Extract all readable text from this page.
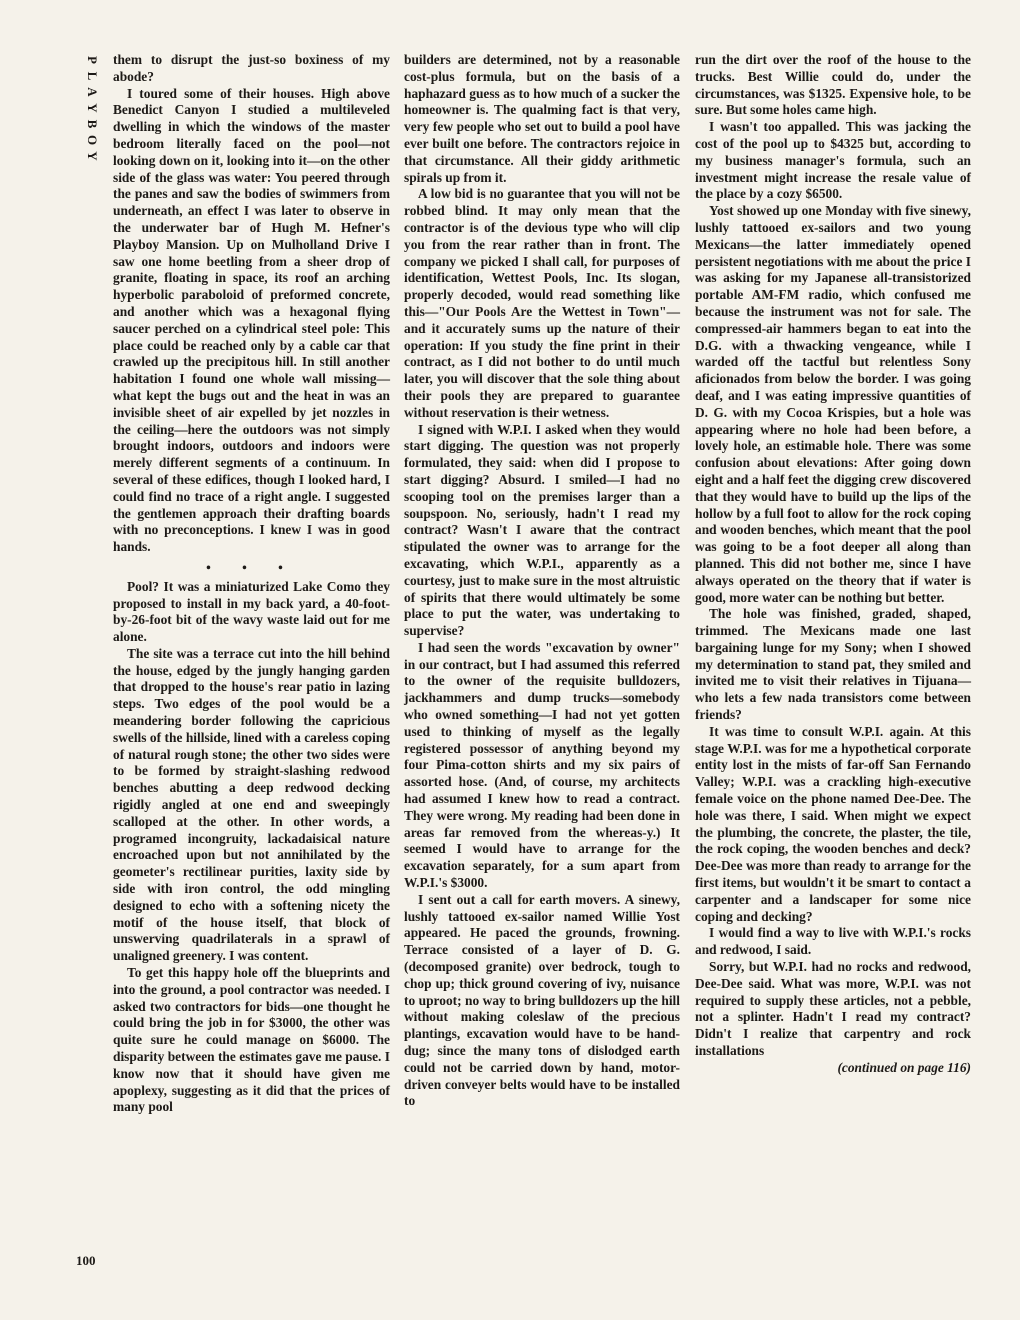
P
L
A
Y
B
O
Y

them to disrupt the just-so boxiness of my abode?

I toured some of their houses. High above Benedict Canyon I studied a multileveled dwelling in which the windows of the master bedroom literally faced on the pool—not looking down on it, looking into it—on the other side of the glass was water: You peered through the panes and saw the bodies of swimmers from underneath, an effect I was later to observe in the underwater bar of Hugh M. Hefner's Playboy Mansion. Up on Mulholland Drive I saw one home beetling from a sheer drop of granite, floating in space, its roof an arching hyperbolic paraboloid of preformed concrete, and another which was a hexagonal flying saucer perched on a cylindrical steel pole: This place could be reached only by a cable car that crawled up the precipitous hill. In still another habitation I found one whole wall missing—what kept the bugs out and the heat in was an invisible sheet of air expelled by jet nozzles in the ceiling—here the outdoors was not simply brought indoors, outdoors and indoors were merely different segments of a continuum. In several of these edifices, though I looked hard, I could find no trace of a right angle. I suggested the gentlemen approach their drafting boards with no preconceptions. I knew I was in good hands.

• • •

Pool? It was a miniaturized Lake Como they proposed to install in my back yard, a 40-foot-by-26-foot bit of the wavy waste laid out for me alone.

The site was a terrace cut into the hill behind the house, edged by the jungly hanging garden that dropped to the house's rear patio in lazing steps. Two edges of the pool would be a meandering border following the capricious swells of the hillside, lined with a careless coping of natural rough stone; the other two sides were to be formed by straight-slashing redwood benches abutting a deep redwood decking rigidly angled at one end and sweepingly scalloped at the other. In other words, a programed incongruity, lackadaisical nature encroached upon but not annihilated by the geometer's rectilinear purities, laxity side by side with iron control, the odd mingling designed to echo with a softening nicety the motif of the house itself, that block of unswerving quadrilaterals in a sprawl of unaligned greenery. I was content.

To get this happy hole off the blueprints and into the ground, a pool contractor was needed. I asked two contractors for bids—one thought he could bring the job in for $3000, the other was quite sure he could manage on $6000. The disparity between the estimates gave me pause. I know now that it should have given me apoplexy, suggesting as it did that the prices of many pool

builders are determined, not by a reasonable cost-plus formula, but on the basis of a haphazard guess as to how much of a sucker the homeowner is. The qualming fact is that very, very few people who set out to build a pool have ever built one before. The contractors rejoice in that circumstance. All their giddy arithmetic spirals up from it.

A low bid is no guarantee that you will not be robbed blind. It may only mean that the contractor is of the devious type who will clip you from the rear rather than in front. The company we picked I shall call, for purposes of identification, Wettest Pools, Inc. Its slogan, properly decoded, would read something like this—"Our Pools Are the Wettest in Town"—and it accurately sums up the nature of their operation: If you study the fine print in their contract, as I did not bother to do until much later, you will discover that the sole thing about their pools they are prepared to guarantee without reservation is their wetness.

I signed with W.P.I. I asked when they would start digging. The question was not properly formulated, they said: when did I propose to start digging? Absurd. I smiled—I had no scooping tool on the premises larger than a soupspoon. No, seriously, hadn't I read my contract? Wasn't I aware that the contract stipulated the owner was to arrange for the excavating, which W.P.I., apparently as a courtesy, just to make sure in the most altruistic of spirits that there would ultimately be some place to put the water, was undertaking to supervise?

I had seen the words "excavation by owner" in our contract, but I had assumed this referred to the owner of the requisite bulldozers, jackhammers and dump trucks—somebody who owned something—I had not yet gotten used to thinking of myself as the legally registered possessor of anything beyond my four Pima-cotton shirts and my six pairs of assorted hose. (And, of course, my architects had assumed I knew how to read a contract. They were wrong. My reading had been done in areas far removed from the whereas-y.) It seemed I would have to arrange for the excavation separately, for a sum apart from W.P.I.'s $3000.

I sent out a call for earth movers. A sinewy, lushly tattooed ex-sailor named Willie Yost appeared. He paced the grounds, frowning. Terrace consisted of a layer of D. G. (decomposed granite) over bedrock, tough to chop up; thick ground covering of ivy, nuisance to uproot; no way to bring bulldozers up the hill without making coleslaw of the precious plantings, excavation would have to be hand-dug; since the many tons of dislodged earth could not be carried down by hand, motor-driven conveyer belts would have to be installed to

run the dirt over the roof of the house to the trucks. Best Willie could do, under the circumstances, was $1325. Expensive hole, to be sure. But some holes came high.

I wasn't too appalled. This was jacking the cost of the pool up to $4325 but, according to my business manager's formula, such an investment might increase the resale value of the place by a cozy $6500.

Yost showed up one Monday with five sinewy, lushly tattooed ex-sailors and two young Mexicans—the latter immediately opened persistent negotiations with me about the price I was asking for my Japanese all-transistorized portable AM-FM radio, which confused me because the instrument was not for sale. The compressed-air hammers began to eat into the D.G. with a thwacking vengeance, while I warded off the tactful but relentless Sony aficionados from below the border. I was going deaf, and I was eating impressive quantities of D. G. with my Cocoa Krispies, but a hole was appearing where no hole had been before, a lovely hole, an estimable hole. There was some confusion about elevations: After going down eight and a half feet the digging crew discovered that they would have to build up the lips of the hollow by a full foot to allow for the rock coping and wooden benches, which meant that the pool was going to be a foot deeper all along than planned. This did not bother me, since I have always operated on the theory that if water is good, more water can be nothing but better.

The hole was finished, graded, shaped, trimmed. The Mexicans made one last bargaining lunge for my Sony; when I showed my determination to stand pat, they smiled and invited me to visit their relatives in Tijuana—who lets a few nada transistors come between friends?

It was time to consult W.P.I. again. At this stage W.P.I. was for me a hypothetical corporate entity lost in the mists of far-off San Fernando Valley; W.P.I. was a crackling high-executive female voice on the phone named Dee-Dee. The hole was there, I said. When might we expect the plumbing, the concrete, the plaster, the tile, the rock coping, the wooden benches and deck? Dee-Dee was more than ready to arrange for the first items, but wouldn't it be smart to contact a carpenter and a landscaper for some nice coping and decking?

I would find a way to live with W.P.I.'s rocks and redwood, I said.

Sorry, but W.P.I. had no rocks and redwood, Dee-Dee said. What was more, W.P.I. was not required to supply these articles, not a pebble, not a splinter. Hadn't I read my contract? Didn't I realize that carpentry and rock installations

(continued on page 116)
100
